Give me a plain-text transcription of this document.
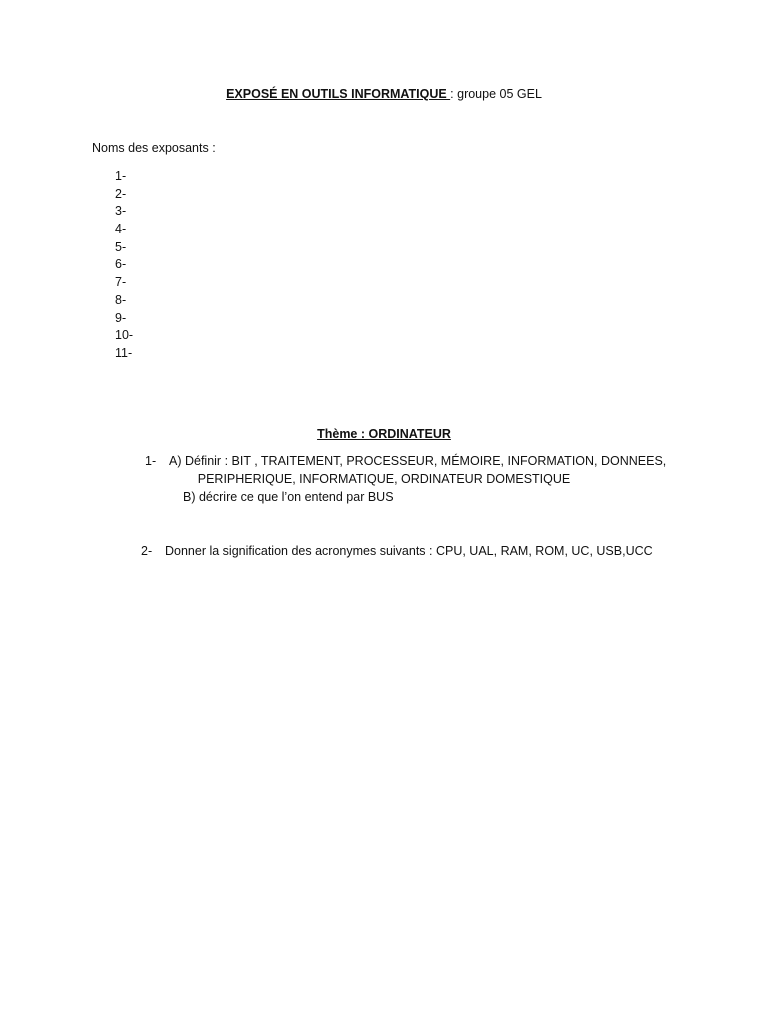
EXPOSÉ EN OUTILS INFORMATIQUE : groupe 05 GEL
Noms des exposants :
1-
2-
3-
4-
5-
6-
7-
8-
9-
10-
11-
Thème : ORDINATEUR
1- A) Définir : BIT , TRAITEMENT, PROCESSEUR, MÉMOIRE, INFORMATION, DONNEES,
PERIPHERIQUE, INFORMATIQUE, ORDINATEUR DOMESTIQUE
B) décrire ce que l’on entend par BUS
2- Donner la signification des acronymes suivants : CPU, UAL, RAM, ROM, UC, USB,UCC
